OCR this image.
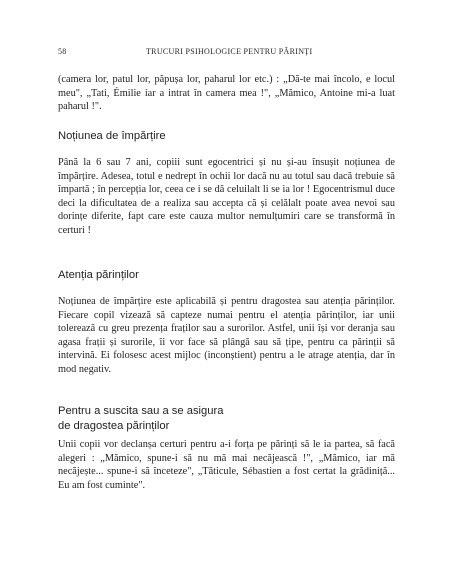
58	TRUCURI PSIHOLOGICE PENTRU PĂRINȚI

(camera lor, patul lor, păpușa lor, paharul lor etc.) : „Dă-te mai încolo, e locul meu", „Tati, Émilie iar a intrat în camera mea !", „Mămico, Antoine mi-a luat paharul !".

Noțiunea de împărțire

Până la 6 sau 7 ani, copiii sunt egocentrici și nu și-au însușit noțiunea de împărțire. Adesea, totul e nedrept în ochii lor dacă nu au totul sau dacă trebuie să împartă ; în percepția lor, ceea ce i se dă celuilalt li se ia lor ! Egocentrismul duce deci la dificultatea de a realiza sau accepta că și celălalt poate avea nevoi sau dorințe diferite, fapt care este cauza multor nemulțumiri care se transformă în certuri !

Atenția părinților

Noțiunea de împărțire este aplicabilă și pentru dragostea sau atenția părinților. Fiecare copil vizează să capteze numai pentru el atenția părinților, iar unii tolerează cu greu prezența fraților sau a surorilor. Astfel, unii își vor deranja sau agasa frații și surorile, îi vor face să plângă sau să țipe, pentru ca părinții să intervină. Ei folosesc acest mijloc (inconștient) pentru a le atrage atenția, dar în mod negativ.

Pentru a suscita sau a se asigura
de dragostea părinților

Unii copii vor declanșa certuri pentru a-i forța pe părinți să le ia partea, să facă alegeri : „Mămico, spune-i să nu mă mai necăjească !", „Mămico, iar mă necăjește... spune-i să înceteze", „Tăticule, Sébastien a fost certat la grădiniță... Eu am fost cuminte".
